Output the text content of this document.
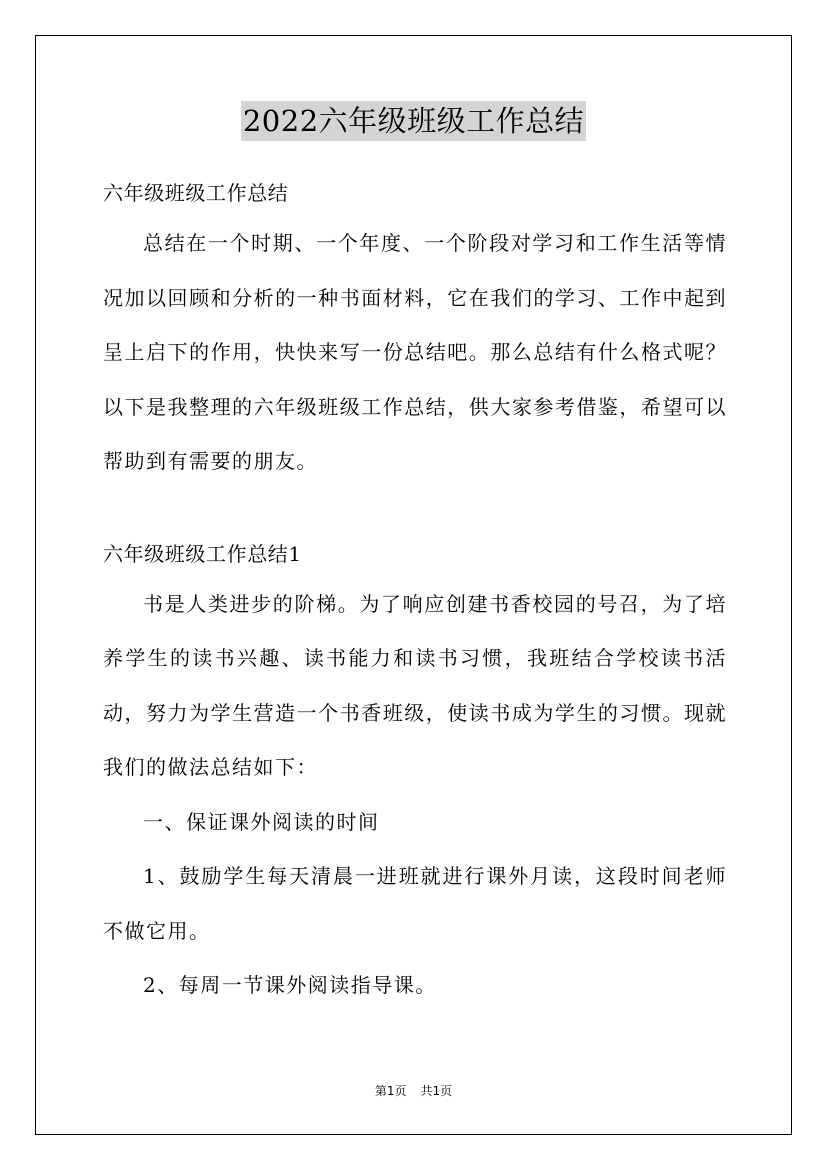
2022六年级班级工作总结
六年级班级工作总结

总结在一个时期、一个年度、一个阶段对学习和工作生活等情况加以回顾和分析的一种书面材料，它在我们的学习、工作中起到呈上启下的作用，快快来写一份总结吧。那么总结有什么格式呢？以下是我整理的六年级班级工作总结，供大家参考借鉴，希望可以帮助到有需要的朋友。

六年级班级工作总结1

书是人类进步的阶梯。为了响应创建书香校园的号召，为了培养学生的读书兴趣、读书能力和读书习惯，我班结合学校读书活动，努力为学生营造一个书香班级，使读书成为学生的习惯。现就我们的做法总结如下：

一、保证课外阅读的时间

1、鼓励学生每天清晨一进班就进行课外月读，这段时间老师不做它用。

2、每周一节课外阅读指导课。

第1页 共1页
